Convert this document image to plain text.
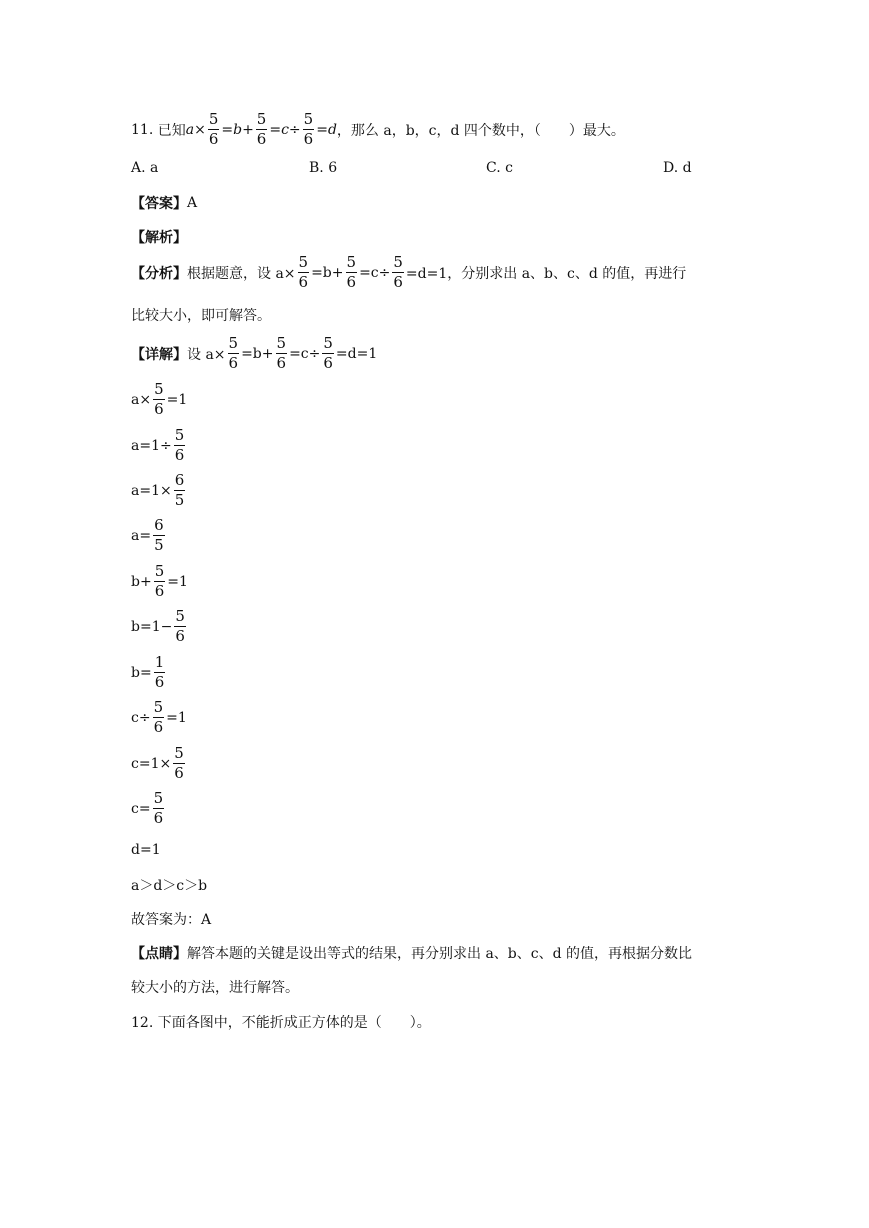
11.
已知 $a \times \frac{5}{6} = b + \frac{5}{6} = c \div \frac{5}{6} = d$ ，那么 a，b，c，d 四个数中，（　　）最大。
A. a	B. 6	C. c	D. d
【答案】 A
【解析】
【分析】 根据题意，设 $a\times \frac{5}{6} =b+ \frac{5}{6} =c\div \frac{5}{6} =d=1$，分别求出 a、b、c、d 的值，再进行
比较大小，即可解答。
【详解】 设 $a\times \frac{5}{6} =b+ \frac{5}{6} =c\div \frac{5}{6} =d=1$
$a\times \frac{5}{6} =1$
$a=1\div \frac{5}{6}$
$a=1\times \frac{6}{5}$
$a= \frac{6}{5}$
$b+ \frac{5}{6} =1$
$b=1- \frac{5}{6}$
$b= \frac{1}{6}$
$c\div \frac{5}{6} =1$
$c=1\times \frac{5}{6}$
$c= \frac{5}{6}$
d=1
a＞d＞c＞b
故答案为：A
【点睛】 解答本题的关键是设出等式的结果，再分别求出 a、b、c、d 的值，再根据分数比
较大小的方法，进行解答。
12. 下面各图中，不能折成正方体的是（　　）。
